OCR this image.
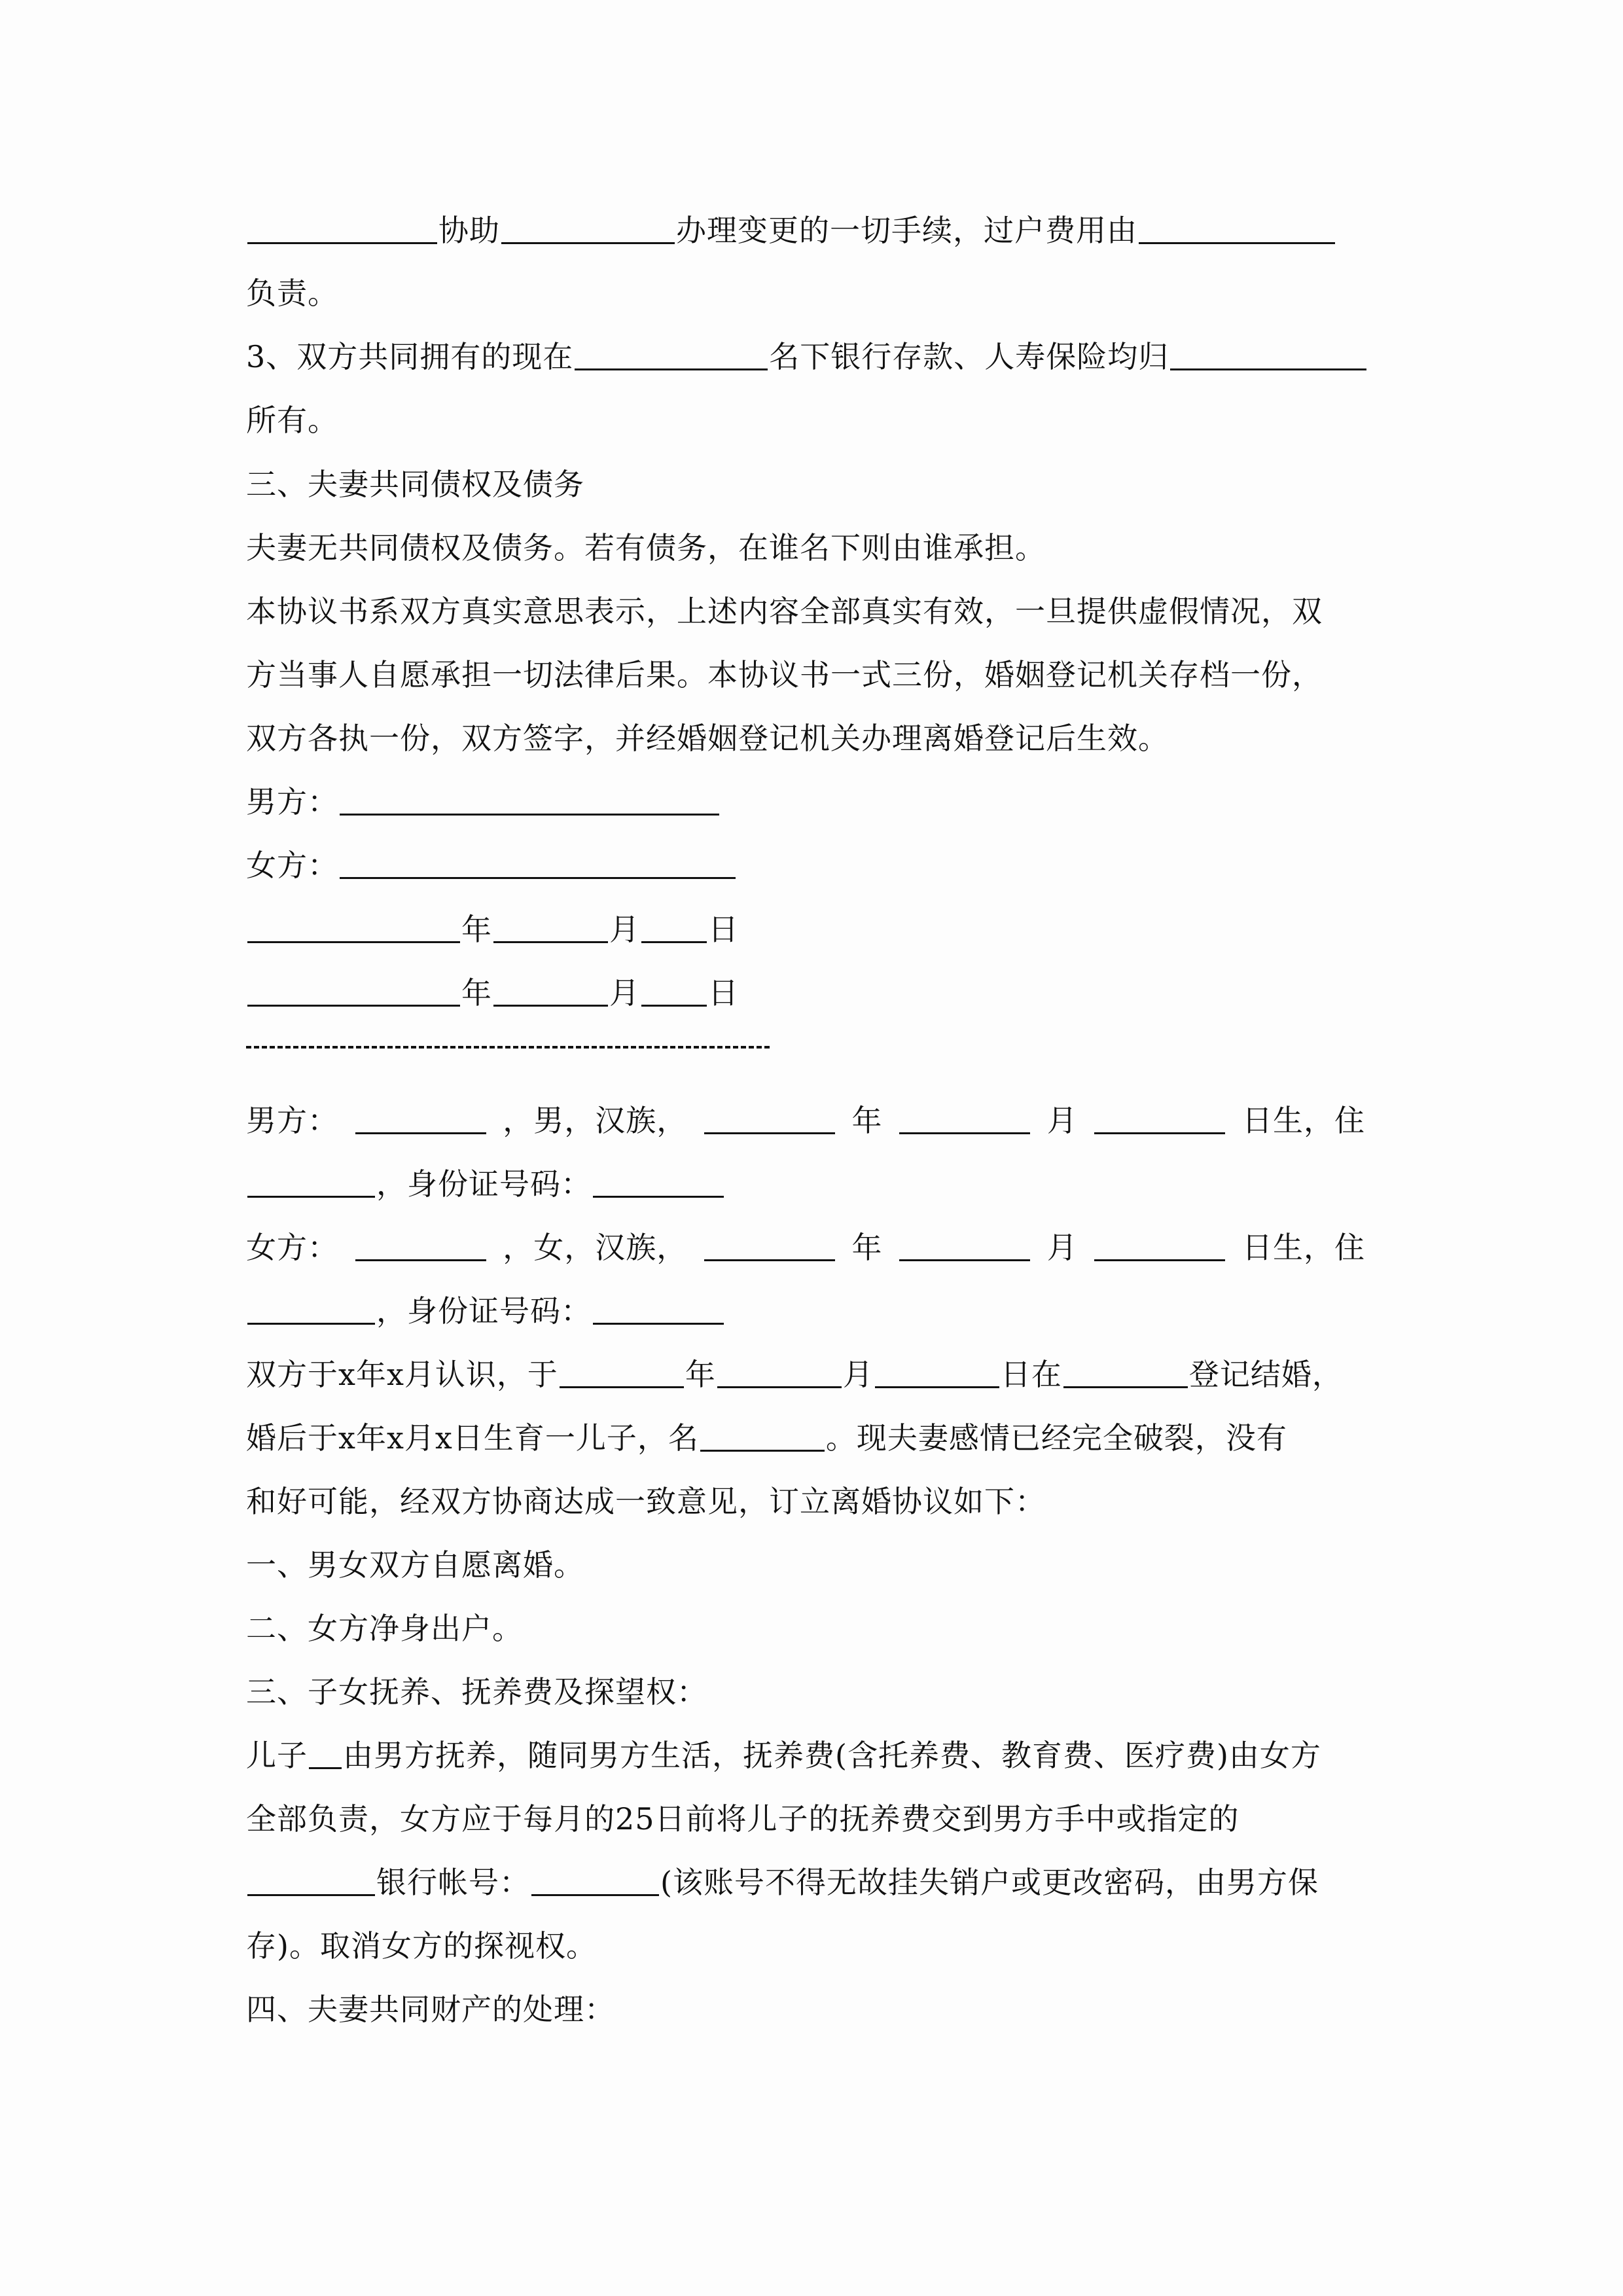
协助	办理变更的一切手续，过户费用由
负责。
3、双方共同拥有的现在	名下银行存款、人寿保险均归
所有。
三、夫妻共同债权及债务
夫妻无共同债权及债务。若有债务，在谁名下则由谁承担。
本协议书系双方真实意思表示，上述内容全部真实有效，一旦提供虚假情况，双
方当事人自愿承担一切法律后果。本协议书一式三份，婚姻登记机关存档一份，
双方各执一份，双方签字，并经婚姻登记机关办理离婚登记后生效。
男方：
女方：
年	月 日
年	月 日
男方：	，男，汉族，	年	月	日生，住
，身份证号码：
女方：	，女，汉族，	年	月	日生，住
，身份证号码：
双方于x年x月认识，于	年	月	日在	登记结婚，
婚后于x年x月x日生育一儿子，名	。现夫妻感情已经完全破裂，没有
和好可能，经双方协商达成一致意见，订立离婚协议如下：
一、男女双方自愿离婚。
二、女方净身出户。
三、子女抚养、抚养费及探望权：
儿子 由男方抚养，随同男方生活，抚养费(含托养费、教育费、医疗费)由女方
全部负责，女方应于每月的25日前将儿子的抚养费交到男方手中或指定的
银行帐号：	(该账号不得无故挂失销户或更改密码，由男方保
存)。取消女方的探视权。
四、夫妻共同财产的处理：
